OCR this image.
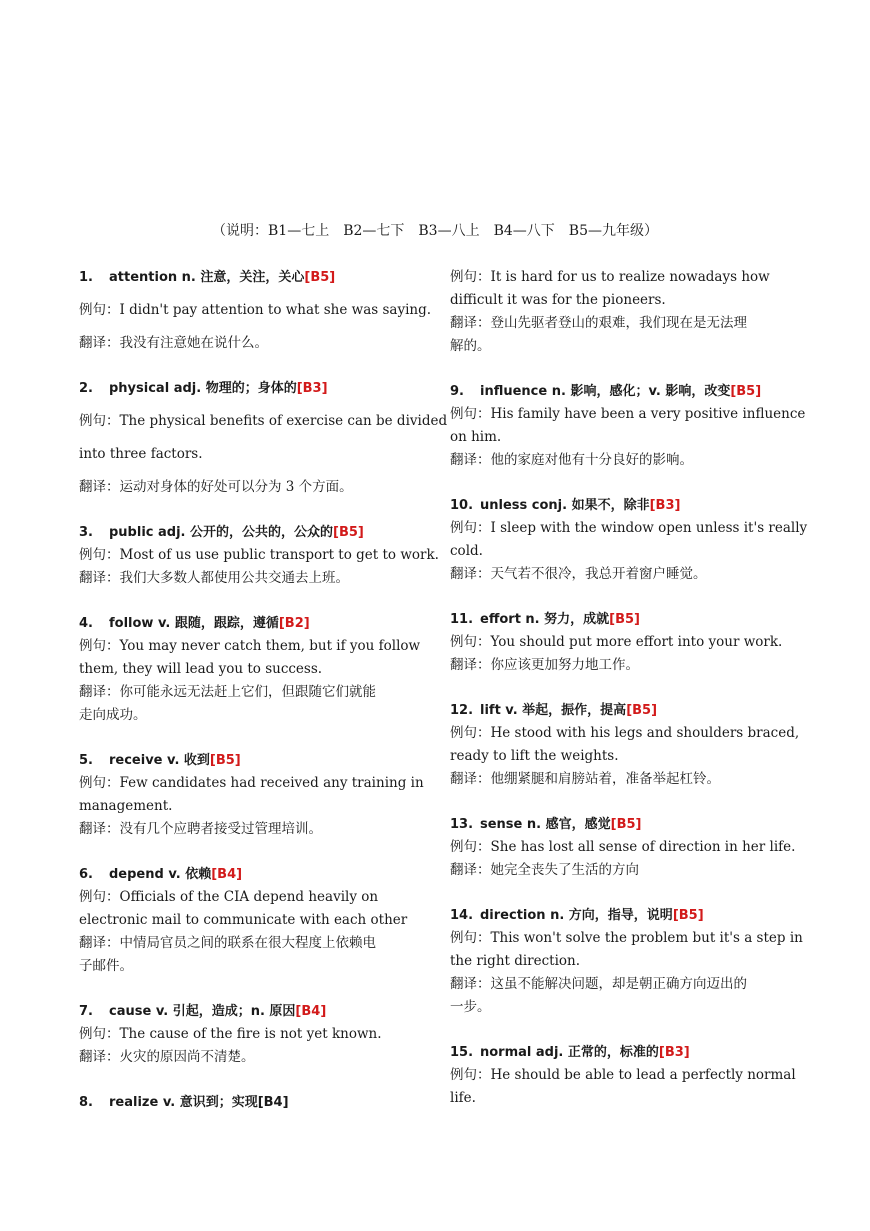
（说明：B1—七上　B2—七下　B3—八上　B4—八下　B5—九年级）
1. attention n. 注意，关注，关心[B5]
例句：I didn't pay attention to what she was saying.
翻译：我没有注意她在说什么。
2. physical adj. 物理的；身体的[B3]
例句：The physical benefits of exercise can be divided
into three factors.
翻译：运动对身体的好处可以分为 3 个方面。
3. public adj. 公开的，公共的，公众的[B5]
例句：Most of us use public transport to get to work.
翻译：我们大多数人都使用公共交通去上班。
4. follow v. 跟随，跟踪，遵循[B2]
例句：You may never catch them, but if you follow
them, they will lead you to success.
翻译：你可能永远无法赶上它们，但跟随它们就能
走向成功。
5. receive v. 收到[B5]
例句：Few candidates had received any training in
management.
翻译：没有几个应聘者接受过管理培训。
6. depend v. 依赖[B4]
例句：Officials of the CIA depend heavily on
electronic mail to communicate with each other
翻译：中情局官员之间的联系在很大程度上依赖电
子邮件。
7. cause v. 引起，造成；n. 原因[B4]
例句：The cause of the fire is not yet known.
翻译：火灾的原因尚不清楚。
8. realize v. 意识到；实现[B4]
例句：It is hard for us to realize nowadays how
difficult it was for the pioneers.
翻译：登山先驱者登山的艰难，我们现在是无法理
解的。
9. influence n. 影响，感化；v. 影响，改变[B5]
例句：His family have been a very positive influence
on him.
翻译：他的家庭对他有十分良好的影响。
10. unless conj. 如果不，除非[B3]
例句：I sleep with the window open unless it's really
cold.
翻译：天气若不很冷，我总开着窗户睡觉。
11. effort n. 努力，成就[B5]
例句：You should put more effort into your work.
翻译：你应该更加努力地工作。
12. lift v. 举起，振作，提高[B5]
例句：He stood with his legs and shoulders braced,
ready to lift the weights.
翻译：他绷紧腿和肩膀站着，准备举起杠铃。
13. sense n. 感官，感觉[B5]
例句：She has lost all sense of direction in her life.
翻译：她完全丧失了生活的方向
14. direction n. 方向，指导，说明[B5]
例句：This won't solve the problem but it's a step in
the right direction.
翻译：这虽不能解决问题，却是朝正确方向迈出的
一步。
15. normal adj. 正常的，标准的[B3]
例句：He should be able to lead a perfectly normal
life.
